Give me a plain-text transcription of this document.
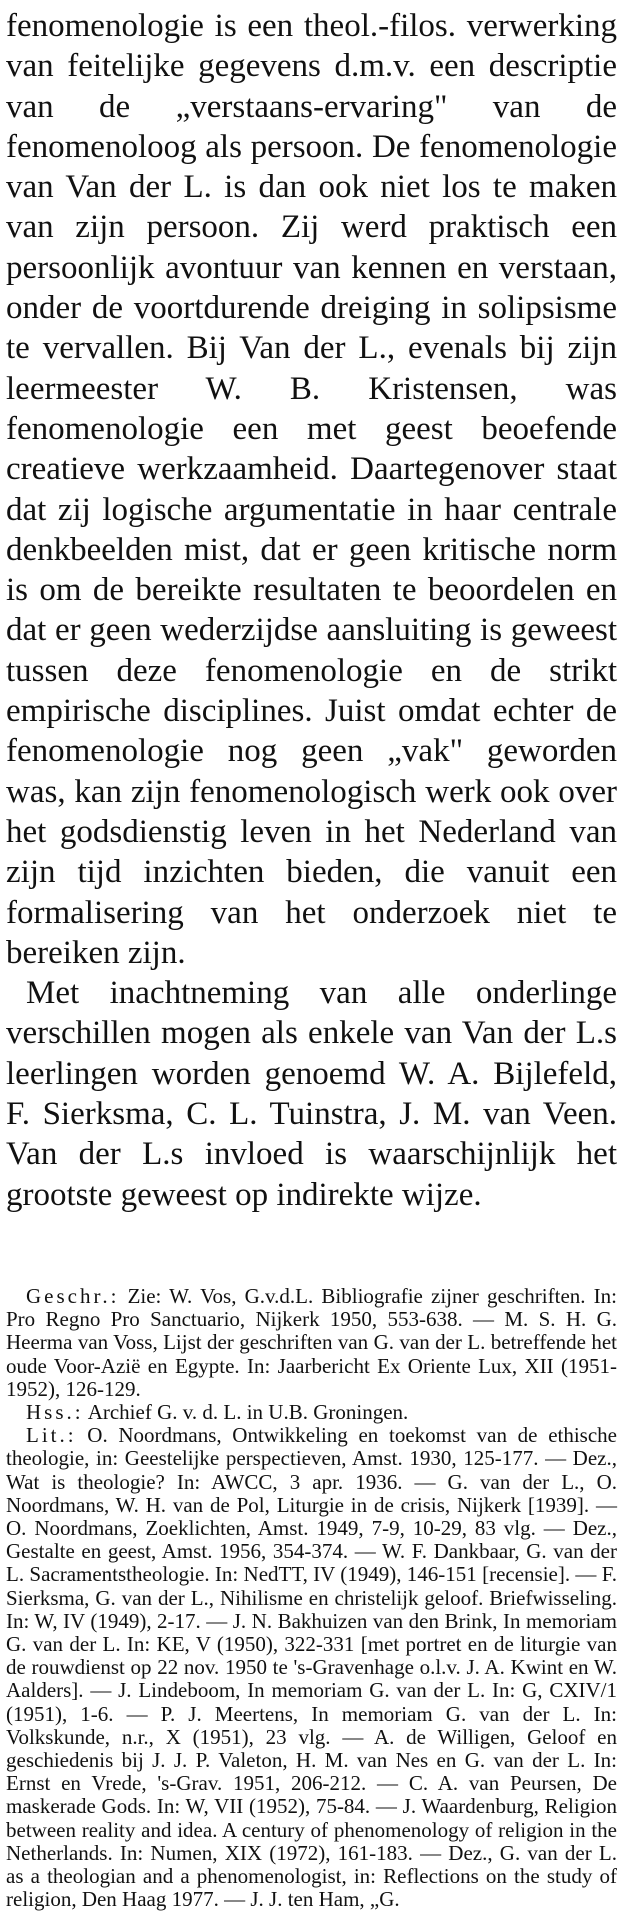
fenomenologie is een theol.-filos. verwerking van feitelijke gegevens d.m.v. een descriptie van de „verstaans-ervaring" van de fenomenoloog als persoon. De fenomenologie van Van der L. is dan ook niet los te maken van zijn persoon. Zij werd praktisch een persoonlijk avontuur van kennen en verstaan, onder de voortdurende dreiging in solipsisme te vervallen. Bij Van der L., evenals bij zijn leermeester W. B. Kristensen, was fenomenologie een met geest beoefende creatieve werkzaamheid. Daartegenover staat dat zij logische argumentatie in haar centrale denkbeelden mist, dat er geen kritische norm is om de bereikte resultaten te beoordelen en dat er geen wederzijdse aansluiting is geweest tussen deze fenomenologie en de strikt empirische disciplines. Juist omdat echter de fenomenologie nog geen „vak" geworden was, kan zijn fenomenologisch werk ook over het godsdienstig leven in het Nederland van zijn tijd inzichten bieden, die vanuit een formalisering van het onderzoek niet te bereiken zijn.

Met inachtneming van alle onderlinge verschillen mogen als enkele van Van der L.s leerlingen worden genoemd W. A. Bijlefeld, F. Sierksma, C. L. Tuinstra, J. M. van Veen. Van der L.s invloed is waarschijnlijk het grootste geweest op indirekte wijze.

Geschr.: Zie: W. Vos, G.v.d.L. Bibliografie zijner geschriften. In: Pro Regno Pro Sanctuario, Nijkerk 1950, 553-638. — M. S. H. G. Heerma van Voss, Lijst der geschriften van G. van der L. betreffende het oude Voor-Azië en Egypte. In: Jaarbericht Ex Oriente Lux, XII (1951-1952), 126-129.

Hss.: Archief G. v. d. L. in U.B. Groningen.

Lit.: O. Noordmans, Ontwikkeling en toekomst van de ethische theologie, in: Geestelijke perspectieven, Amst. 1930, 125-177. — Dez., Wat is theologie? In: AWCC, 3 apr. 1936. — G. van der L., O. Noordmans, W. H. van de Pol, Liturgie in de crisis, Nijkerk [1939]. — O. Noordmans, Zoeklichten, Amst. 1949, 7-9, 10-29, 83 vlg. — Dez., Gestalte en geest, Amst. 1956, 354-374. — W. F. Dankbaar, G. van der L. Sacramentstheologie. In: NedTT, IV (1949), 146-151 [recensie]. — F. Sierksma, G. van der L., Nihilisme en christelijk geloof. Briefwisseling. In: W, IV (1949), 2-17. — J. N. Bakhuizen van den Brink, In memoriam G. van der L. In: KE, V (1950), 322-331 [met portret en de liturgie van de rouwdienst op 22 nov. 1950 te 's-Gravenhage o.l.v. J. A. Kwint en W. Aalders]. — J. Lindeboom, In memoriam G. van der L. In: G, CXIV/1 (1951), 1-6. — P. J. Meertens, In memoriam G. van der L. In: Volkskunde, n.r., X (1951), 23 vlg. — A. de Willigen, Geloof en geschiedenis bij J. J. P. Valeton, H. M. van Nes en G. van der L. In: Ernst en Vrede, 's-Grav. 1951, 206-212. — C. A. van Peursen, De maskerade Gods. In: W, VII (1952), 75-84. — J. Waardenburg, Religion between reality and idea. A century of phenomenology of religion in the Netherlands. In: Numen, XIX (1972), 161-183. — Dez., G. van der L. as a theologian and a phenomenologist, in: Reflections on the study of religion, Den Haag 1977. — J. J. ten Ham, „G.
